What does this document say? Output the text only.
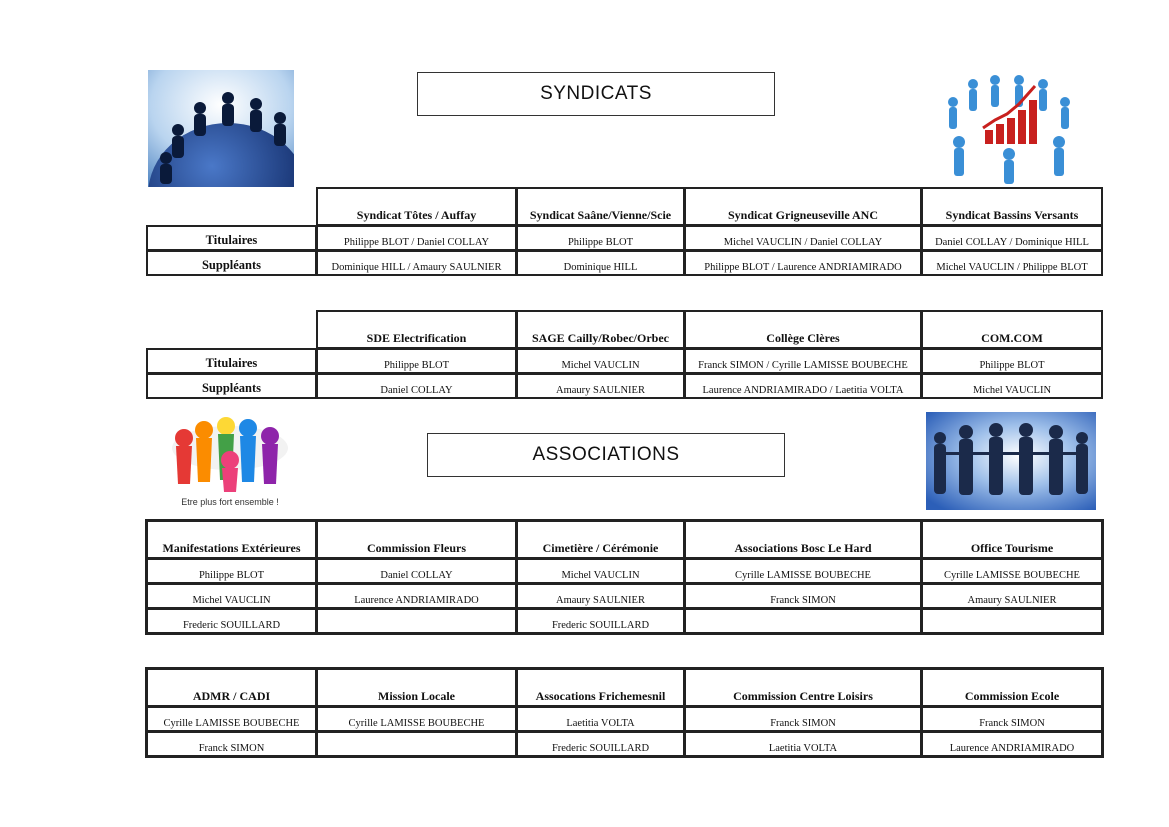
Etre plus fort ensemble !
SYNDICATS
ASSOCIATIONS
	Syndicat Tôtes / Auffay	Syndicat Saâne/Vienne/Scie	Syndicat Grigneuseville ANC	Syndicat Bassins Versants
Titulaires	Philippe BLOT / Daniel COLLAY	Philippe BLOT	Michel VAUCLIN / Daniel COLLAY	Daniel COLLAY / Dominique HILL
Suppléants	Dominique HILL / Amaury SAULNIER	Dominique HILL	Philippe BLOT / Laurence ANDRIAMIRADO	Michel VAUCLIN / Philippe BLOT
	SDE Electrification	SAGE Cailly/Robec/Orbec	Collège Clères	COM.COM
Titulaires	Philippe BLOT	Michel VAUCLIN	Franck SIMON / Cyrille LAMISSE BOUBECHE	Philippe BLOT
Suppléants	Daniel COLLAY	Amaury SAULNIER	Laurence ANDRIAMIRADO / Laetitia VOLTA	Michel VAUCLIN
Manifestations Extérieures	Commission Fleurs	Cimetière / Cérémonie	Associations Bosc Le Hard	Office Tourisme
Philippe BLOT	Daniel COLLAY	Michel VAUCLIN	Cyrille LAMISSE BOUBECHE	Cyrille LAMISSE BOUBECHE
Michel VAUCLIN	Laurence ANDRIAMIRADO	Amaury SAULNIER	Franck SIMON	Amaury SAULNIER
Frederic SOUILLARD		Frederic SOUILLARD		
ADMR / CADI	Mission Locale	Assocations Frichemesnil	Commission Centre Loisirs	Commission Ecole
Cyrille LAMISSE BOUBECHE	Cyrille LAMISSE BOUBECHE	Laetitia VOLTA	Franck SIMON	Franck SIMON
Franck SIMON		Frederic SOUILLARD	Laetitia VOLTA	Laurence ANDRIAMIRADO
